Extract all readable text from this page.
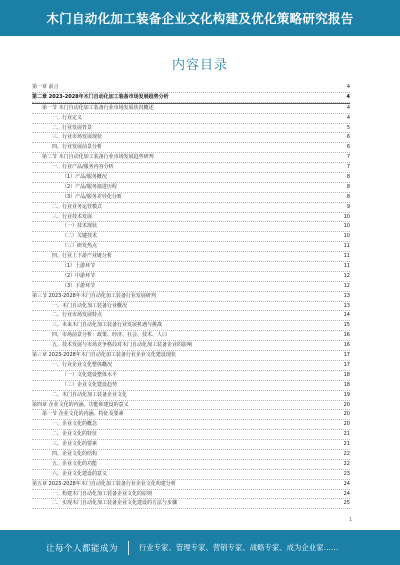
木门自动化加工装备企业文化构建及优化策略研究报告
内容目录
第一章 前言	4
第二章 2023-2028年木门自动化加工装备市场发展趋势分析	4
第一节 木门自动化加工装备行业市场发展状况概述	4
一、行业定义	4
二、行业发展背景	5
三、行业市场发展现状	6
四、行业发展前景分析	6
第二节 木门自动化加工装备行业市场发展趋势研判	7
一、行业产品/服务内容分析	7
（1）产品/服务概况	8
（2）产品/服务演进历程	8
（3）产品/服务差异化分析	8
二、行业业务运营模式	9
三、行业技术发展	10
（一）技术现状	10
（二）关键技术	10
（三）研发热点	11
四、行业上下游产业链分析	11
（1）上游环节	11
（2）中游环节	12
（3）下游环节	12
第三节 2023-2028年木门自动化加工装备行业发展研判	13
一、木门自动化加工装备行业概况	13
二、行业市场发展特点	14
三、未来木门自动化加工装备行业发展机遇与挑战	15
四、市场前景分析：政策、经济、社会、技术、人口	16
五、技术发展与市场竞争格局对木门自动化加工装备企业的影响	16
第三章 2023-2028年木门自动化加工装备行业企业文化建设现状	17
一、行业企业文化整体概况	17
（一）文化建设整体水平	18
（二）企业文化建设趋势	18
二、木门自动化加工装备企业文化	19
第四章 企业文化的内涵、功能和建设的意义	20
第一节 企业文化的内涵、特征及要素	20
一、企业文化的概念	20
二、企业文化的特征	21
三、企业文化的要素	21
四、企业文化的结构	22
五、企业文化的功能	22
六、企业文化建设的意义	23
第五章 2023-2028年木门自动化加工装备行业企业文化构建分析	24
一、构建木门自动化加工装备企业文化的原则	24
二、实现木门自动化加工装备企业文化建设的方法与步骤	25
1
让每个人都能成为	行业专家、管理专家、营销专家、战略专家、成为企业家……
